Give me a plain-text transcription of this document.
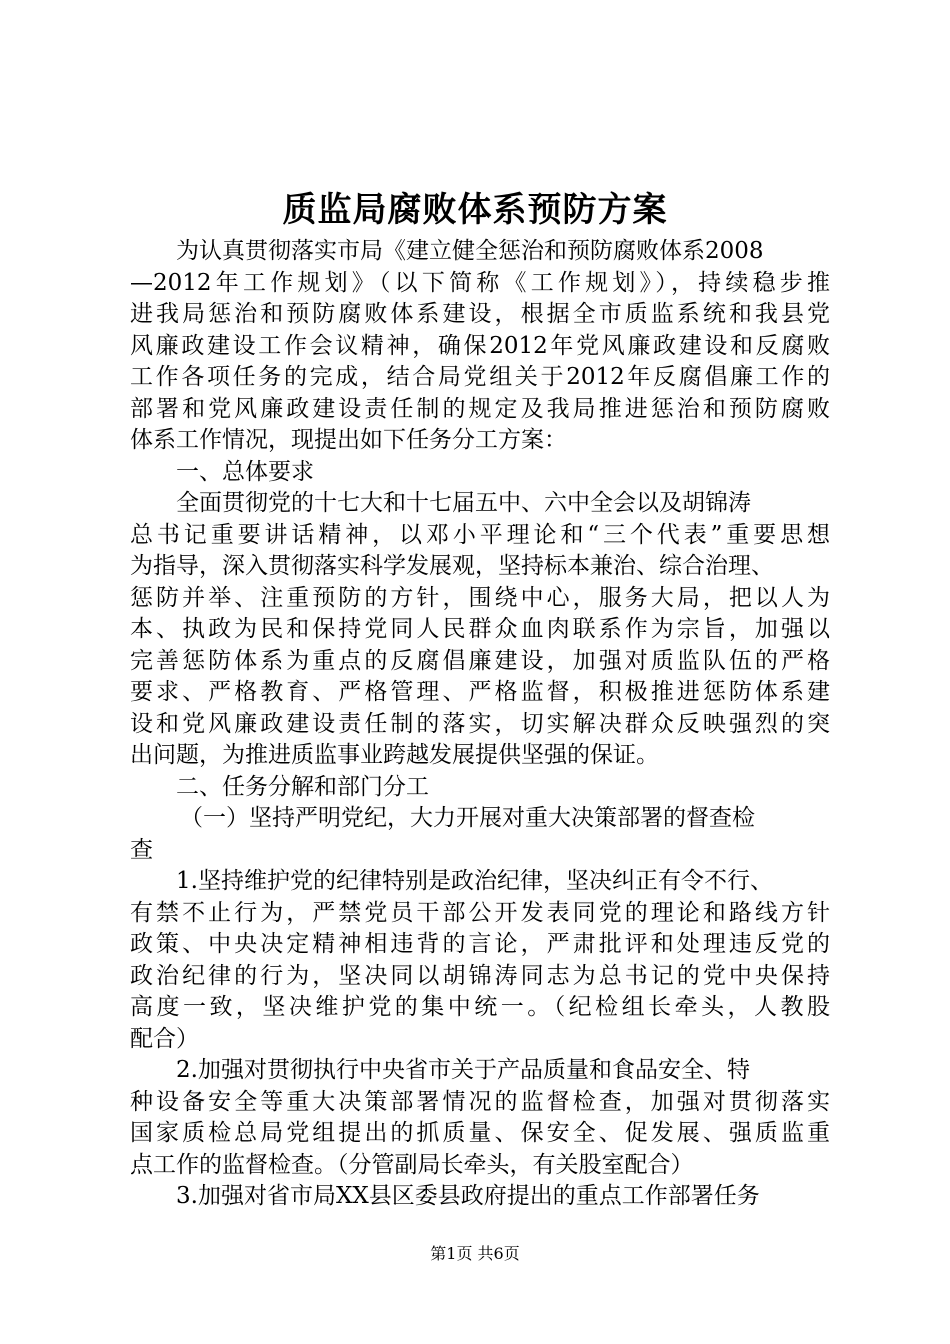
质监局腐败体系预防方案
为认真贯彻落实市局《建立健全惩治和预防腐败体系2008
—2012年工作规划》（以下简称《工作规划》），持续稳步推
进我局惩治和预防腐败体系建设，根据全市质监系统和我县党
风廉政建设工作会议精神，确保2012年党风廉政建设和反腐败
工作各项任务的完成，结合局党组关于2012年反腐倡廉工作的
部署和党风廉政建设责任制的规定及我局推进惩治和预防腐败
体系工作情况，现提出如下任务分工方案：
一、总体要求
全面贯彻党的十七大和十七届五中、六中全会以及胡锦涛
总书记重要讲话精神，以邓小平理论和“三个代表”重要思想
为指导，深入贯彻落实科学发展观，坚持标本兼治、综合治理、
惩防并举、注重预防的方针，围绕中心，服务大局，把以人为
本、执政为民和保持党同人民群众血肉联系作为宗旨，加强以
完善惩防体系为重点的反腐倡廉建设，加强对质监队伍的严格
要求、严格教育、严格管理、严格监督，积极推进惩防体系建
设和党风廉政建设责任制的落实，切实解决群众反映强烈的突
出问题，为推进质监事业跨越发展提供坚强的保证。
二、任务分解和部门分工
（一）坚持严明党纪，大力开展对重大决策部署的督查检
查
1.坚持维护党的纪律特别是政治纪律，坚决纠正有令不行、
有禁不止行为，严禁党员干部公开发表同党的理论和路线方针
政策、中央决定精神相违背的言论，严肃批评和处理违反党的
政治纪律的行为，坚决同以胡锦涛同志为总书记的党中央保持
高度一致，坚决维护党的集中统一。（纪检组长牵头，人教股
配合）
2.加强对贯彻执行中央省市关于产品质量和食品安全、特
种设备安全等重大决策部署情况的监督检查，加强对贯彻落实
国家质检总局党组提出的抓质量、保安全、促发展、强质监重
点工作的监督检查。（分管副局长牵头，有关股室配合）
3.加强对省市局XX县区委县政府提出的重点工作部署任务
第1页 共6页
